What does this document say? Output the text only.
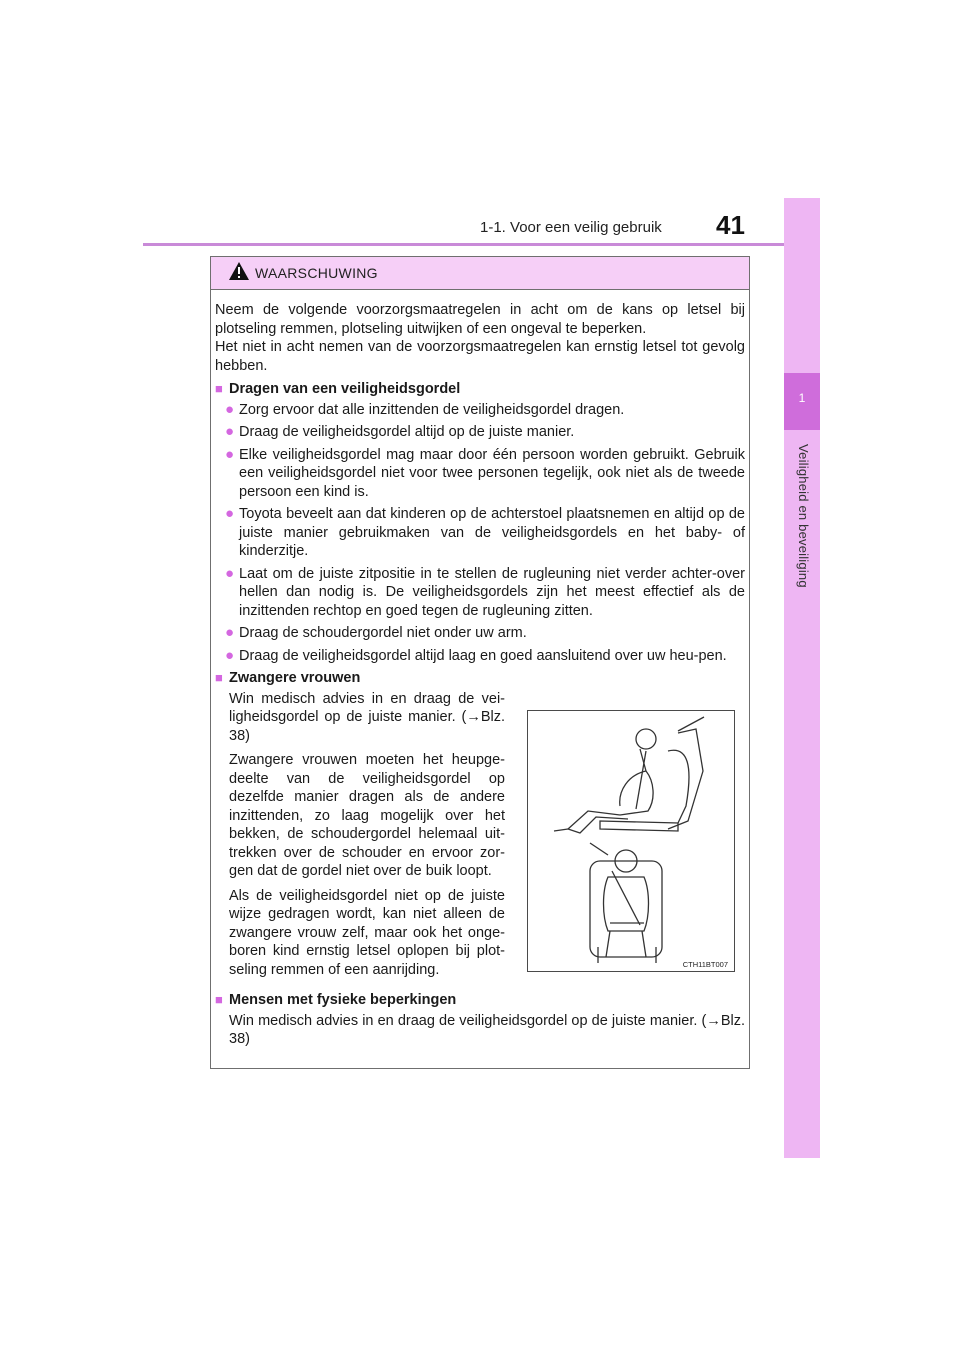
1-1. Voor een veilig gebruik 41
1
Veiligheid en beveiliging
WAARSCHUWING

Neem de volgende voorzorgsmaatregelen in acht om de kans op letsel bij plotseling remmen, plotseling uitwijken of een ongeval te beperken.

Het niet in acht nemen van de voorzorgsmaatregelen kan ernstig letsel tot gevolg hebben.

■ Dragen van een veiligheidsgordel
● Zorg ervoor dat alle inzittenden de veiligheidsgordel dragen.
● Draag de veiligheidsgordel altijd op de juiste manier.
● Elke veiligheidsgordel mag maar door één persoon worden gebruikt. Gebruik een veiligheidsgordel niet voor twee personen tegelijk, ook niet als de tweede persoon een kind is.
● Toyota beveelt aan dat kinderen op de achterstoel plaatsnemen en altijd op de juiste manier gebruikmaken van de veiligheidsgordels en het baby- of kinderzitje.
● Laat om de juiste zitpositie in te stellen de rugleuning niet verder achter-over hellen dan nodig is. De veiligheidsgordels zijn het meest effectief als de inzittenden rechtop en goed tegen de rugleuning zitten.
● Draag de schoudergordel niet onder uw arm.
● Draag de veiligheidsgordel altijd laag en goed aansluitend over uw heu-pen.
■ Zwangere vrouwen

Win medisch advies in en draag de vei-ligheidsgordel op de juiste manier. (→Blz. 38)

Zwangere vrouwen moeten het heupge-deelte van de veiligheidsgordel op dezelfde manier dragen als de andere inzittenden, zo laag mogelijk over het bekken, de schoudergordel helemaal uit-trekken over de schouder en ervoor zor-gen dat de gordel niet over de buik loopt.

Als de veiligheidsgordel niet op de juiste wijze gedragen wordt, kan niet alleen de zwangere vrouw zelf, maar ook het onge-boren kind ernstig letsel oplopen bij plot-seling remmen of een aanrijding.	CTH11BT007
■ Mensen met fysieke beperkingen

Win medisch advies in en draag de veiligheidsgordel op de juiste manier. (→Blz. 38)
